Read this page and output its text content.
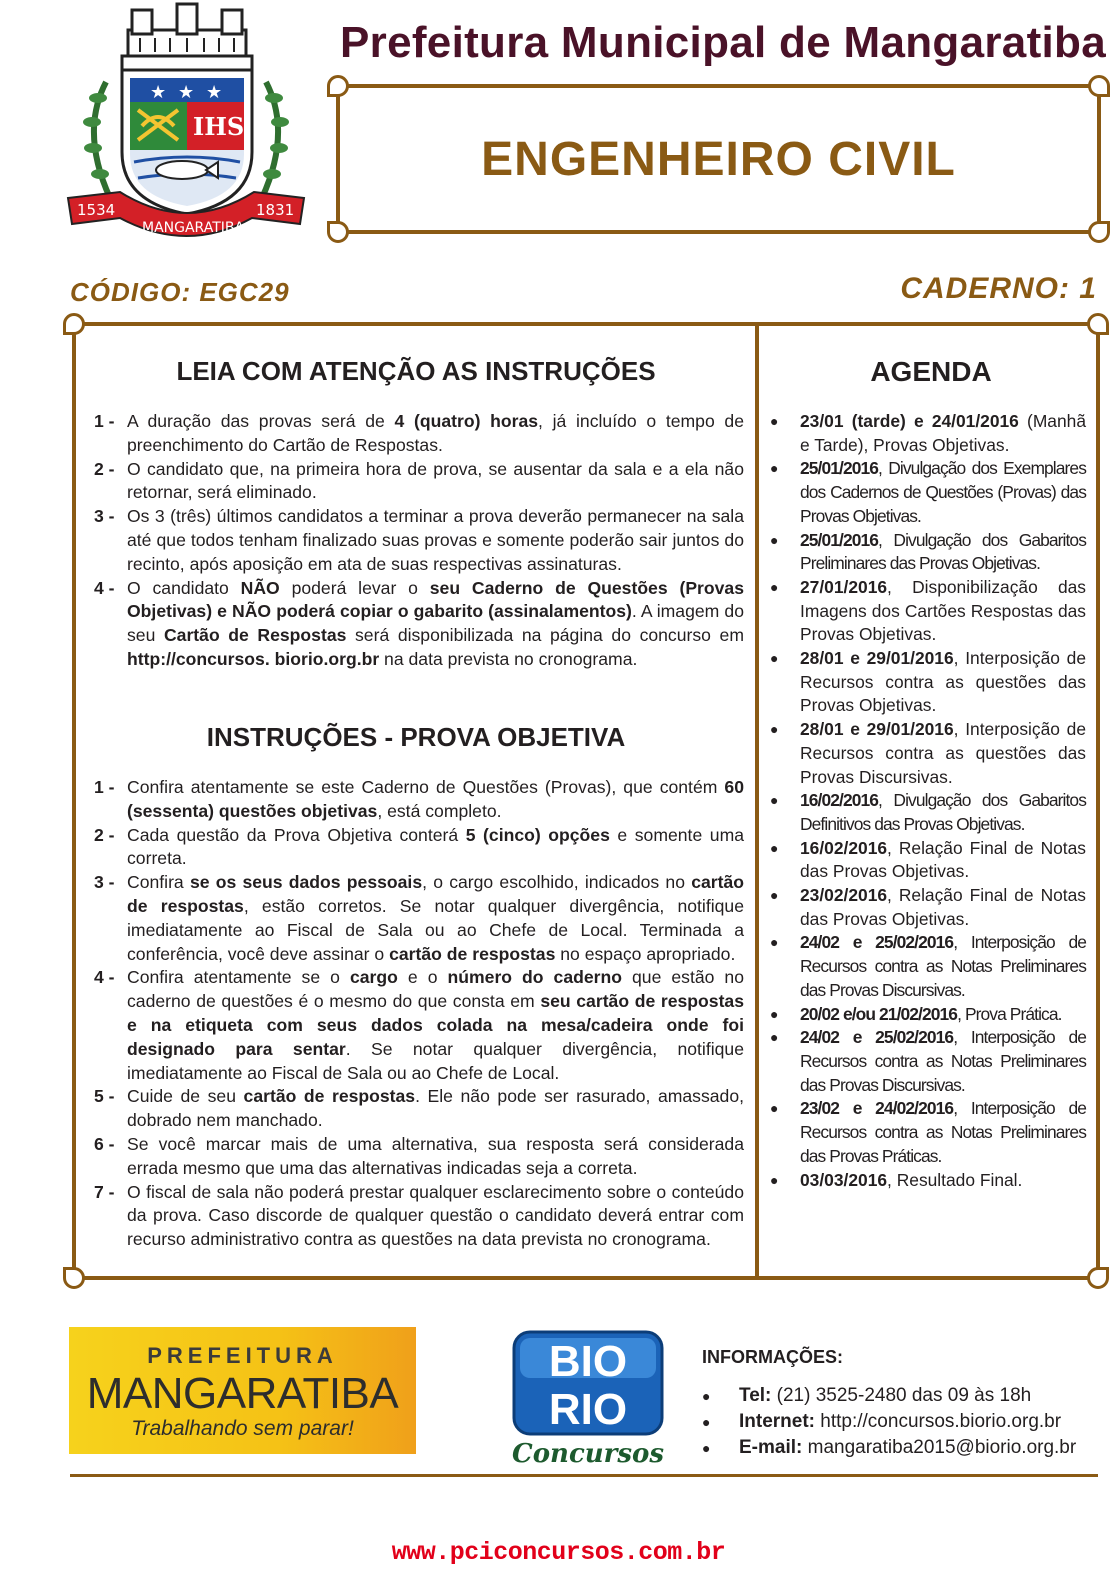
★ ★ ★
IHS
1534	1831
MANGARATIBA
Prefeitura Municipal de Mangaratiba
ENGENHEIRO CIVIL
CÓDIGO: EGC29	CADERNO: 1
LEIA COM ATENÇÃO AS INSTRUÇÕES
1 - A duração das provas será de 4 (quatro) horas, já incluído o tempo de preenchimento do Cartão de Respostas.
2 - O candidato que, na primeira hora de prova, se ausentar da sala e a ela não retornar, será eliminado.
3 - Os 3 (três) últimos candidatos a terminar a prova deverão permanecer na sala até que todos tenham finalizado suas provas e somente poderão sair juntos do recinto, após aposição em ata de suas respectivas assinaturas.
4 - O candidato NÃO poderá levar o seu Caderno de Questões (Provas Objetivas) e NÃO poderá copiar o gabarito (assinalamentos). A imagem do seu Cartão de Respostas será disponibilizada na página do concurso em http://concursos. biorio.org.br na data prevista no cronograma.
INSTRUÇÕES - PROVA OBJETIVA
1 - Confira atentamente se este Caderno de Questões (Provas), que contém 60 (sessenta) questões objetivas, está completo.
2 - Cada questão da Prova Objetiva conterá 5 (cinco) opções e somente uma correta.
3 - Confira se os seus dados pessoais, o cargo escolhido, indicados no cartão de respostas, estão corretos. Se notar qualquer divergência, notifique imediatamente ao Fiscal de Sala ou ao Chefe de Local. Terminada a conferência, você deve assinar o cartão de respostas no espaço apropriado.
4 - Confira atentamente se o cargo e o número do caderno que estão no caderno de questões é o mesmo do que consta em seu cartão de respostas e na etiqueta com seus dados colada na mesa/cadeira onde foi designado para sentar. Se notar qualquer divergência, notifique imediatamente ao Fiscal de Sala ou ao Chefe de Local.
5 - Cuide de seu cartão de respostas. Ele não pode ser rasurado, amassado, dobrado nem manchado.
6 - Se você marcar mais de uma alternativa, sua resposta será considerada errada mesmo que uma das alternativas indicadas seja a correta.
7 - O fiscal de sala não poderá prestar qualquer esclarecimento sobre o conteúdo da prova. Caso discorde de qualquer questão o candidato deverá entrar com recurso administrativo contra as questões na data prevista no cronograma.
AGENDA
●	23/01 (tarde) e 24/01/2016 (Manhã e Tarde), Provas Objetivas.
●	25/01/2016, Divulgação dos Exemplares dos Cadernos de Questões (Provas) das Provas Objetivas.
●	25/01/2016, Divulgação dos Gabaritos Preliminares das Provas Objetivas.
●	27/01/2016, Disponibilização das Imagens dos Cartões Respostas das Provas Objetivas.
●	28/01 e 29/01/2016, Interposição de Recursos contra as questões das Provas Objetivas.
●	28/01 e 29/01/2016, Interposição de Recursos contra as questões das Provas Discursivas.
●	16/02/2016, Divulgação dos Gabaritos Definitivos das Provas Objetivas.
●	16/02/2016, Relação Final de Notas das Provas Objetivas.
●	23/02/2016, Relação Final de Notas das Provas Objetivas.
●	24/02 e 25/02/2016, Interposição de Recursos contra as Notas Preliminares das Provas Discursivas.
●	20/02 e/ou 21/02/2016, Prova Prática.
●	24/02 e 25/02/2016, Interposição de Recursos contra as Notas Preliminares das Provas Discursivas.
●	23/02 e 24/02/2016, Interposição de Recursos contra as Notas Preliminares das Provas Práticas.
●	03/03/2016, Resultado Final.
PREFEITURA
MANGARATIBA
Trabalhando sem parar!
BIO
RIO
Concursos
INFORMAÇÕES:
● Tel: (21) 3525-2480 das 09 às 18h
● Internet: http://concursos.biorio.org.br
● E-mail: mangaratiba2015@biorio.org.br
www.pciconcursos.com.br
